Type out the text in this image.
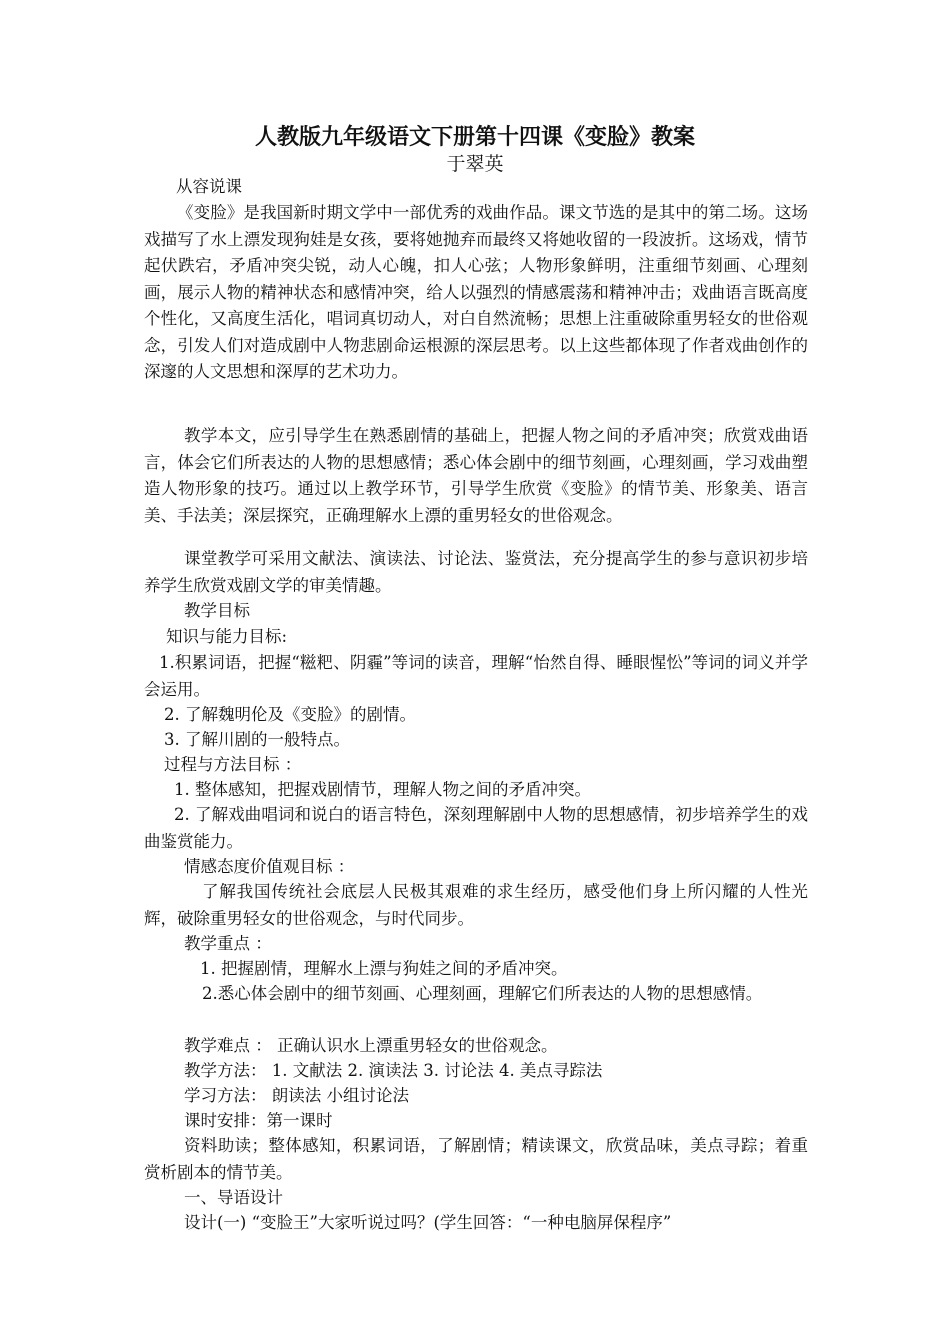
人教版九年级语文下册第十四课《变脸》教案
于翠英
从容说课

《变脸》是我国新时期文学中一部优秀的戏曲作品。课文节选的是其中的第二场。这场戏描写了水上漂发现狗娃是女孩，要将她抛弃而最终又将她收留的一段波折。这场戏，情节起伏跌宕，矛盾冲突尖锐，动人心魄，扣人心弦；人物形象鲜明，注重细节刻画、心理刻画，展示人物的精神状态和感情冲突，给人以强烈的情感震荡和精神冲击；戏曲语言既高度个性化，又高度生活化，唱词真切动人，对白自然流畅；思想上注重破除重男轻女的世俗观念，引发人们对造成剧中人物悲剧命运根源的深层思考。以上这些都体现了作者戏曲创作的深邃的人文思想和深厚的艺术功力。

教学本文，应引导学生在熟悉剧情的基础上，把握人物之间的矛盾冲突；欣赏戏曲语言，体会它们所表达的人物的思想感情；悉心体会剧中的细节刻画，心理刻画，学习戏曲塑造人物形象的技巧。通过以上教学环节，引导学生欣赏《变脸》的情节美、形象美、语言美、手法美；深层探究，正确理解水上漂的重男轻女的世俗观念。

课堂教学可采用文献法、演读法、讨论法、鉴赏法，充分提高学生的参与意识初步培养学生欣赏戏剧文学的审美情趣。

教学目标
知识与能力目标:

1.积累词语，把握“糍粑、阴霾”等词的读音，理解“怡然自得、睡眼惺忪”等词的词义并学会运用。

2. 了解魏明伦及《变脸》的剧情。
3. 了解川剧的一般特点。
过程与方法目标 ：
1. 整体感知，把握戏剧情节，理解人物之间的矛盾冲突。

2. 了解戏曲唱词和说白的语言特色，深刻理解剧中人物的思想感情，初步培养学生的戏曲鉴赏能力。

情感态度价值观目标 ：

了解我国传统社会底层人民极其艰难的求生经历，感受他们身上所闪耀的人性光辉，破除重男轻女的世俗观念，与时代同步。

教学重点 ：
1. 把握剧情，理解水上漂与狗娃之间的矛盾冲突。

2.悉心体会剧中的细节刻画、心理刻画，理解它们所表达的人物的思想感情。

教学难点 ： 正确认识水上漂重男轻女的世俗观念。
教学方法： 1. 文献法 2. 演读法 3. 讨论法 4. 美点寻踪法
学习方法： 朗读法 小组讨论法
课时安排：第一课时

资料助读；整体感知，积累词语，了解剧情；精读课文，欣赏品味，美点寻踪；着重赏析剧本的情节美。

一、导语设计
设计(一) “变脸王”大家听说过吗？(学生回答：“一种电脑屏保程序”
